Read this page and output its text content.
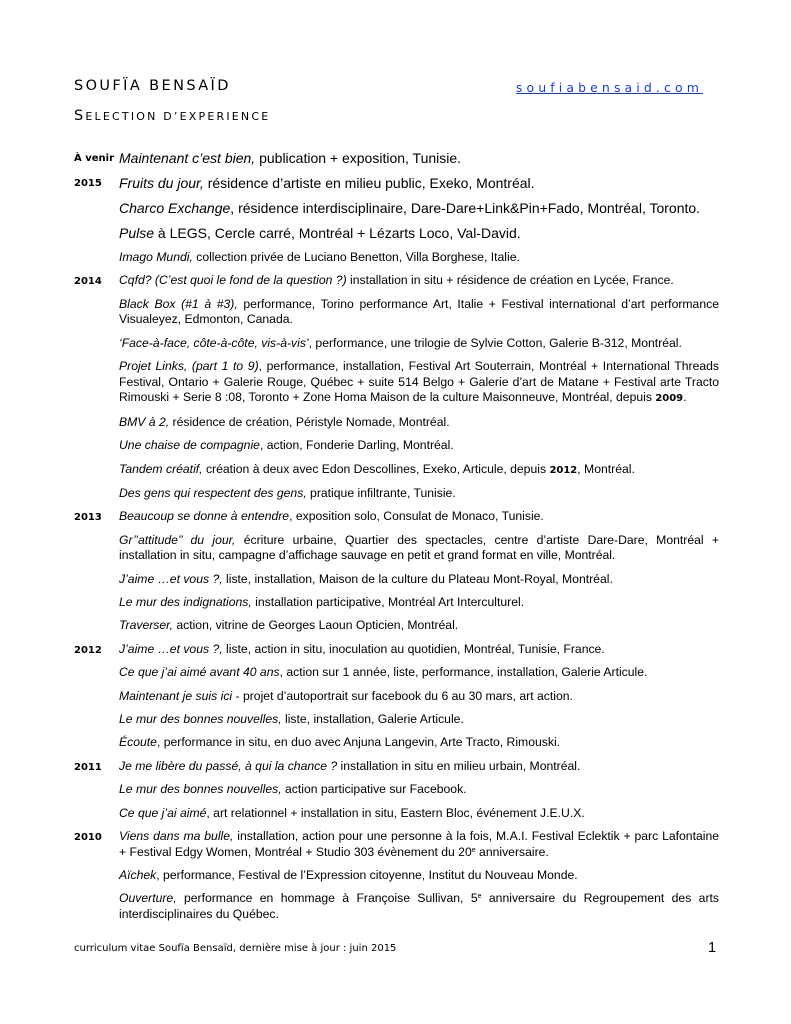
SOUFÏA BENSAÏD	soufiabensaid.com
SELECTION D’EXPERIENCE
À venir Maintenant c’est bien, publication + exposition, Tunisie.
2015	Fruits du jour, résidence d’artiste en milieu public, Exeko, Montréal.
Charco Exchange, résidence interdisciplinaire, Dare-Dare+Link&Pin+Fado, Montréal, Toronto.
Pulse à LEGS, Cercle carré, Montréal + Lézarts Loco, Val-David.
Imago Mundi, collection privée de Luciano Benetton, Villa Borghese, Italie.
2014	Cqfd? (C’est quoi le fond de la question ?) installation in situ + résidence de création en Lycée, France.
Black Box (#1 à #3), performance, Torino performance Art, Italie + Festival international d’art performance Visualeyez, Edmonton, Canada.
‘Face-à-face, côte-à-côte, vis-à-vis’, performance, une trilogie de Sylvie Cotton, Galerie B-312, Montréal.
Projet Links, (part 1 to 9), performance, installation, Festival Art Souterrain, Montréal + International Threads Festival, Ontario + Galerie Rouge, Québec + suite 514 Belgo + Galerie d’art de Matane + Festival arte Tracto Rimouski + Serie 8 :08, Toronto + Zone Homa Maison de la culture Maisonneuve, Montréal, depuis 2009.
BMV à 2, résidence de création, Péristyle Nomade, Montréal.
Une chaise de compagnie, action, Fonderie Darling, Montréal.
Tandem créatif, création à deux avec Edon Descollines, Exeko, Articule, depuis 2012, Montréal.
Des gens qui respectent des gens, pratique infiltrante, Tunisie.
2013	Beaucoup se donne à entendre, exposition solo, Consulat de Monaco, Tunisie.
Gr’’attitude’’ du jour, écriture urbaine, Quartier des spectacles, centre d’artiste Dare-Dare, Montréal + installation in situ, campagne d’affichage sauvage en petit et grand format en ville, Montréal.
J’aime …et vous ?, liste, installation, Maison de la culture du Plateau Mont-Royal, Montréal.
Le mur des indignations, installation participative, Montréal Art Interculturel.
Traverser, action, vitrine de Georges Laoun Opticien, Montréal.
2012	J’aime …et vous ?, liste, action in situ, inoculation au quotidien, Montréal, Tunisie, France.
Ce que j’ai aimé avant 40 ans, action sur 1 année, liste, performance, installation, Galerie Articule.
Maintenant je suis ici - projet d’autoportrait sur facebook du 6 au 30 mars, art action.
Le mur des bonnes nouvelles, liste, installation, Galerie Articule.
Écoute, performance in situ, en duo avec Anjuna Langevin, Arte Tracto, Rimouski.
2011	Je me libère du passé, à qui la chance ? installation in situ en milieu urbain, Montréal.
Le mur des bonnes nouvelles, action participative sur Facebook.
Ce que j’ai aimé, art relationnel + installation in situ, Eastern Bloc, événement J.E.U.X.
2010	Viens dans ma bulle, installation, action pour une personne à la fois, M.A.I. Festival Eclektik + parc Lafontaine + Festival Edgy Women, Montréal + Studio 303 évènement du 20e anniversaire.
Aïchek, performance, Festival de l’Expression citoyenne, Institut du Nouveau Monde.
Ouverture, performance en hommage à Françoise Sullivan, 5e anniversaire du Regroupement des arts interdisciplinaires du Québec.
curriculum vitae Soufïa Bensaïd, dernière mise à jour : juin 2015	1
